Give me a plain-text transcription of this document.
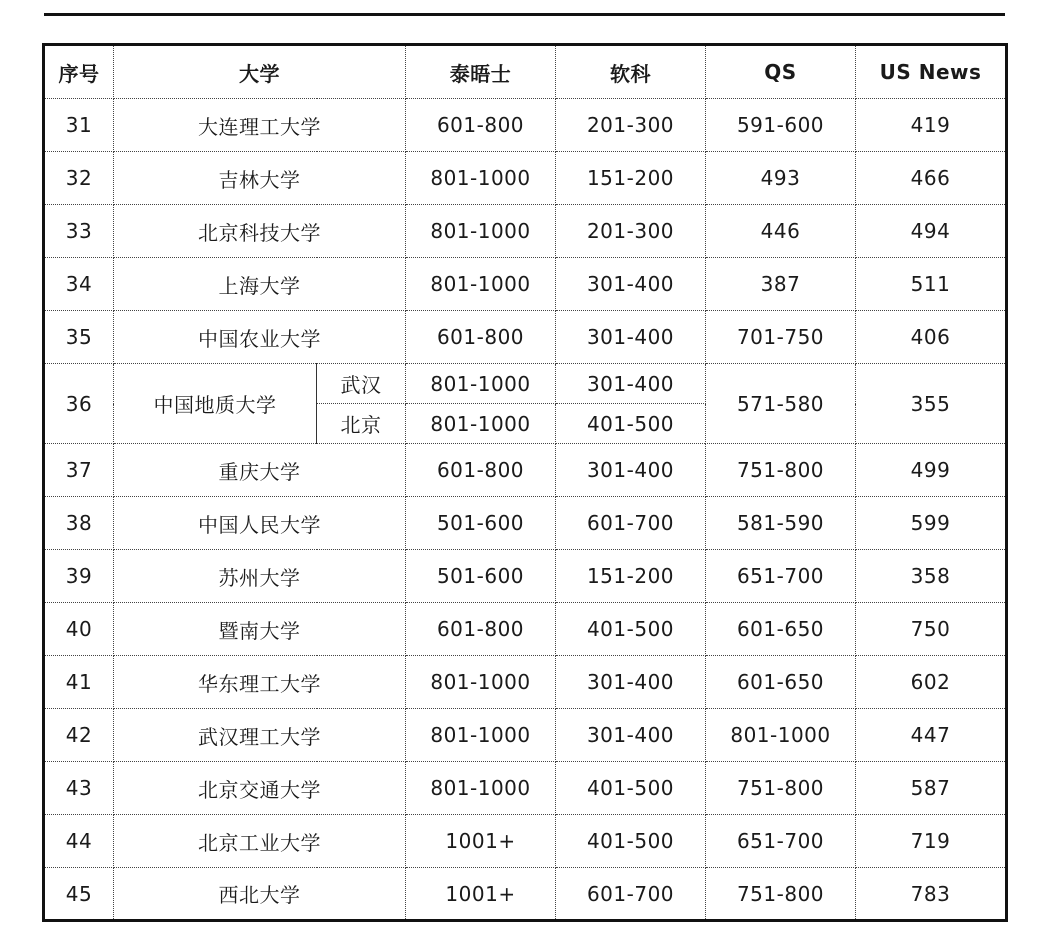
序号	大学		泰晤士	软科	QS	US News
31	大连理工大学		601-800	201-300	591-600	419
32	吉林大学		801-1000	151-200	493	466
33	北京科技大学		801-1000	201-300	446	494
34	上海大学		801-1000	301-400	387	511
35	中国农业大学		601-800	301-400	701-750	406
36	中国地质大学	武汉	801-1000	301-400	571-580	355
		北京	801-1000	401-500		
37	重庆大学		601-800	301-400	751-800	499
38	中国人民大学		501-600	601-700	581-590	599
39	苏州大学		501-600	151-200	651-700	358
40	暨南大学		601-800	401-500	601-650	750
41	华东理工大学		801-1000	301-400	601-650	602
42	武汉理工大学		801-1000	301-400	801-1000	447
43	北京交通大学		801-1000	401-500	751-800	587
44	北京工业大学		1001+	401-500	651-700	719
45	西北大学		1001+	601-700	751-800	783
